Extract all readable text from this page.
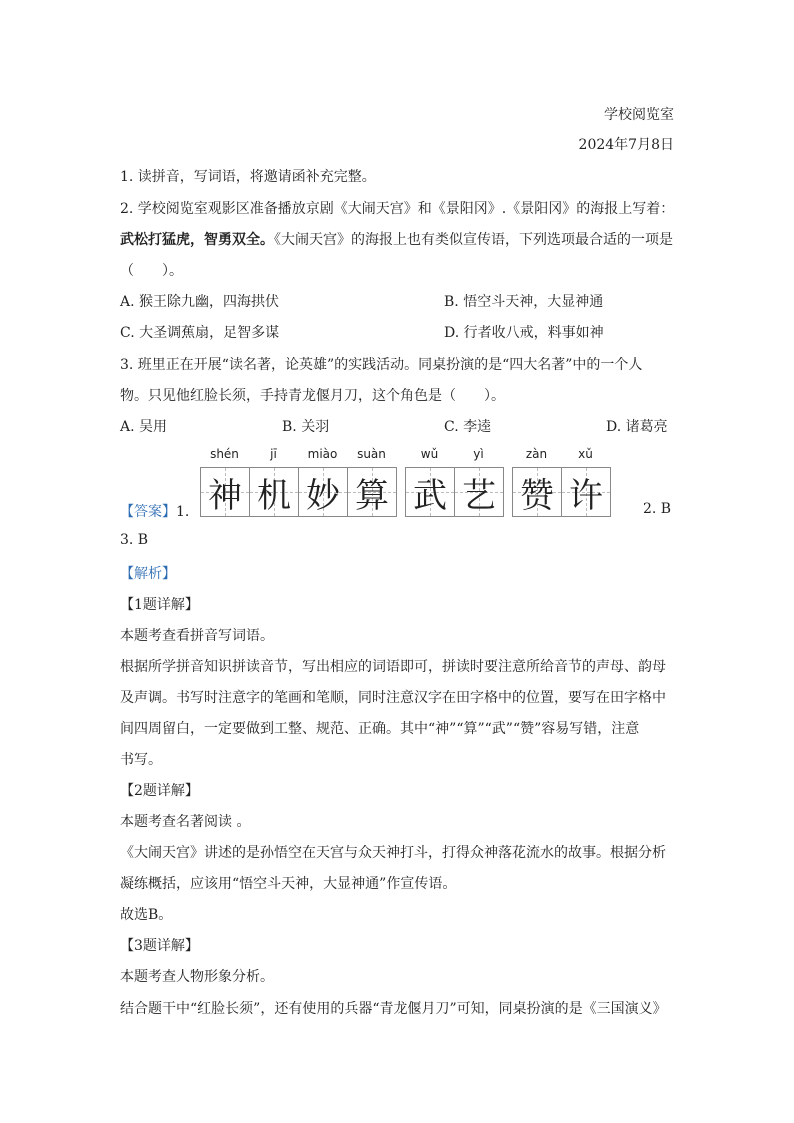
学校阅览室
2024年7月8日
1. 读拼音，写词语，将邀请函补充完整。
2. 学校阅览室观影区准备播放京剧《大闹天宫》和《景阳冈》.《景阳冈》的海报上写着：
武松打猛虎，智勇双全。《大闹天宫》的海报上也有类似宣传语，下列选项最合适的一项是
（　　）。
A. 猴王除九幽，四海拱伏	B. 悟空斗天神，大显神通
C. 大圣调蕉扇，足智多谋	D. 行者收八戒，料事如神
3. 班里正在开展“读名著，论英雄”的实践活动。同桌扮演的是“四大名著”中的一个人
物。只见他红脸长须，手持青龙偃月刀，这个角色是（　　）。
A. 吴用	B. 关羽	C. 李逵	D. 诸葛亮
【答案】1.
shén	jī	miào	suàn
神 机 妙 算
wǔ	yì
武 艺
zàn	xǔ
赞 许	2. B
3. B
【解析】
【1题详解】
本题考查看拼音写词语。
根据所学拼音知识拼读音节，写出相应的词语即可，拼读时要注意所给音节的声母、韵母
及声调。书写时注意字的笔画和笔顺，同时注意汉字在田字格中的位置，要写在田字格中
间四周留白，一定要做到工整、规范、正确。其中“神”“算”“武”“赞”容易写错，注意
书写。
【2题详解】
本题考查名著阅读 。
《大闹天宫》讲述的是孙悟空在天宫与众天神打斗，打得众神落花流水的故事。根据分析
凝练概括，应该用“悟空斗天神，大显神通”作宣传语。
故选B。
【3题详解】
本题考查人物形象分析。
结合题干中“红脸长须”，还有使用的兵器“青龙偃月刀”可知，同桌扮演的是《三国演义》
